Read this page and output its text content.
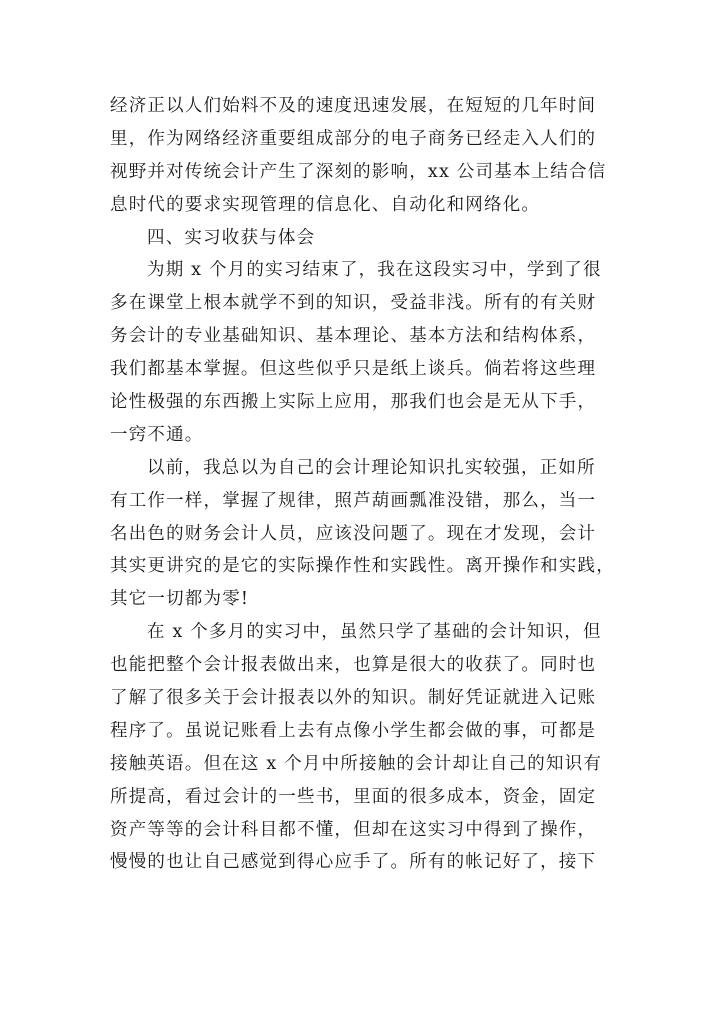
经济正以人们始料不及的速度迅速发展，在短短的几年时间
里，作为网络经济重要组成部分的电子商务已经走入人们的
视野并对传统会计产生了深刻的影响，xx 公司基本上结合信
息时代的要求实现管理的信息化、自动化和网络化。
四、实习收获与体会
为期 x 个月的实习结束了，我在这段实习中，学到了很
多在课堂上根本就学不到的知识，受益非浅。所有的有关财
务会计的专业基础知识、基本理论、基本方法和结构体系，
我们都基本掌握。但这些似乎只是纸上谈兵。倘若将这些理
论性极强的东西搬上实际上应用，那我们也会是无从下手，
一窍不通。
以前，我总以为自己的会计理论知识扎实较强，正如所
有工作一样，掌握了规律，照芦葫画瓢准没错，那么，当一
名出色的财务会计人员，应该没问题了。现在才发现，会计
其实更讲究的是它的实际操作性和实践性。离开操作和实践，
其它一切都为零!
在 x 个多月的实习中，虽然只学了基础的会计知识，但
也能把整个会计报表做出来，也算是很大的收获了。同时也
了解了很多关于会计报表以外的知识。制好凭证就进入记账
程序了。虽说记账看上去有点像小学生都会做的事，可都是
接触英语。但在这 x 个月中所接触的会计却让自己的知识有
所提高，看过会计的一些书，里面的很多成本，资金，固定
资产等等的会计科目都不懂，但却在这实习中得到了操作，
慢慢的也让自己感觉到得心应手了。所有的帐记好了，接下
